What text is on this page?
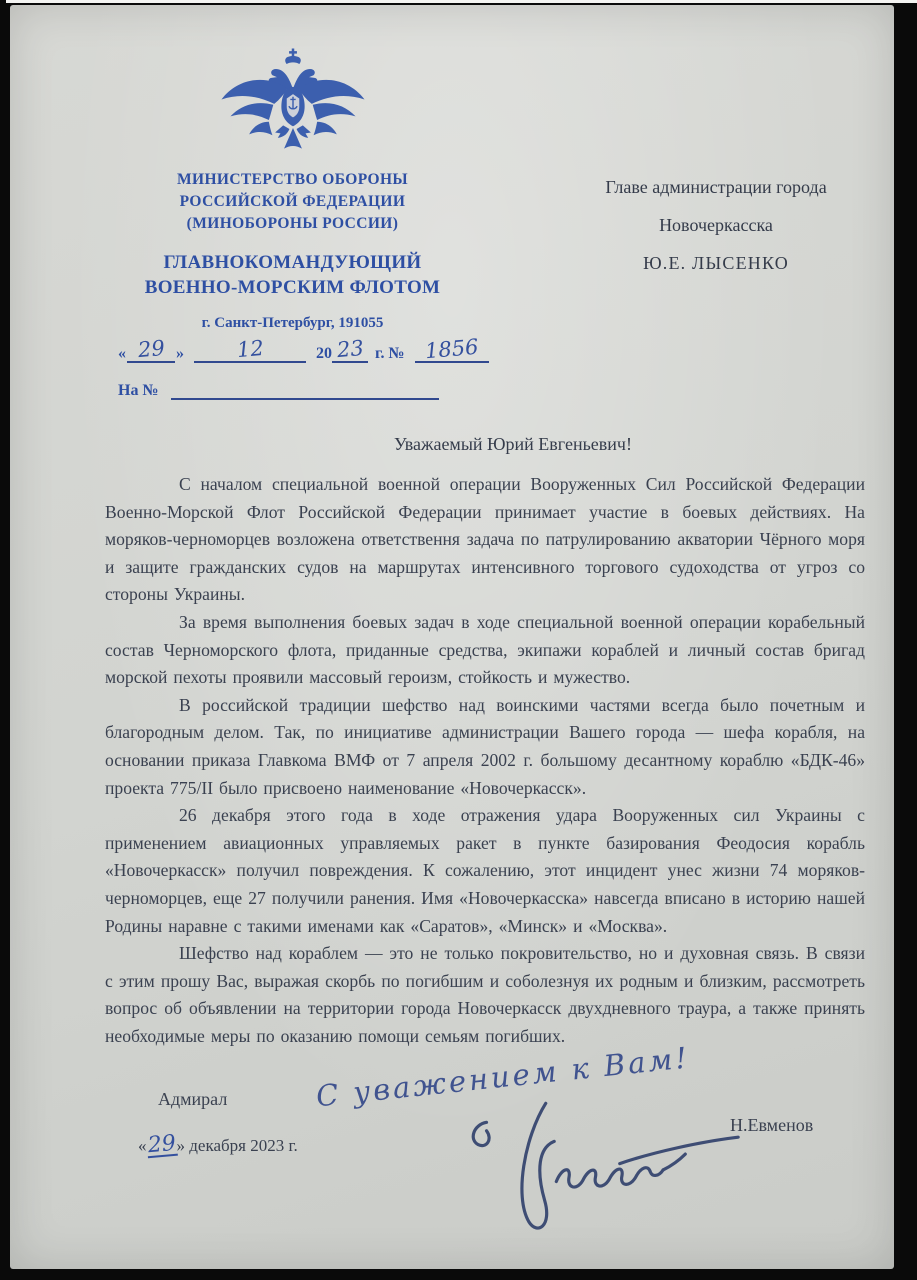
МИНИСТЕРСТВО ОБОРОНЫ
РОССИЙСКОЙ ФЕДЕРАЦИИ
(МИНОБОРОНЫ РОССИИ)
ГЛАВНОКОМАНДУЮЩИЙ
ВОЕННО-МОРСКИМ ФЛОТОМ
г. Санкт-Петербург, 191055
Главе администрации города
Новочеркасска
Ю.Е. ЛЫСЕНКО
« 29 » 12	20 23 г. № 1856
На №
Уважаемый Юрий Евгеньевич!

С началом специальной военной операции Вооруженных Сил Российской Федерации Военно-Морской Флот Российской Федерации принимает участие в боевых действиях. На моряков-черноморцев возложена ответствення задача по патрулированию акватории Чёрного моря и защите гражданских судов на маршрутах интенсивного торгового судоходства от угроз со стороны Украины.

За время выполнения боевых задач в ходе специальной военной операции корабельный состав Черноморского флота, приданные средства, экипажи кораблей и личный состав бригад морской пехоты проявили массовый героизм, стойкость и мужество.

В российской традиции шефство над воинскими частями всегда было почетным и благородным делом. Так, по инициативе администрации Вашего города — шефа корабля, на основании приказа Главкома ВМФ от 7 апреля 2002 г. большому десантному кораблю «БДК-46» проекта 775/II было присвоено наименование «Новочеркасск».

26 декабря этого года в ходе отражения удара Вооруженных сил Украины с применением авиационных управляемых ракет в пункте базирования Феодосия корабль «Новочеркасск» получил повреждения. К сожалению, этот инцидент унес жизни 74 моряков-черноморцев, еще 27 получили ранения. Имя «Новочеркасска» навсегда вписано в историю нашей Родины наравне с такими именами как «Саратов», «Минск» и «Москва».

Шефство над кораблем — это не только покровительство, но и духовная связь. В связи с этим прошу Вас, выражая скорбь по погибшим и соболезнуя их родным и близким, рассмотреть вопрос об объявлении на территории города Новочеркасск двухдневного траура, а также принять необходимые меры по оказанию помощи семьям погибших.

Адмирал	С уважением к Вам!
Н.Евменов
«29» декабря 2023 г.
